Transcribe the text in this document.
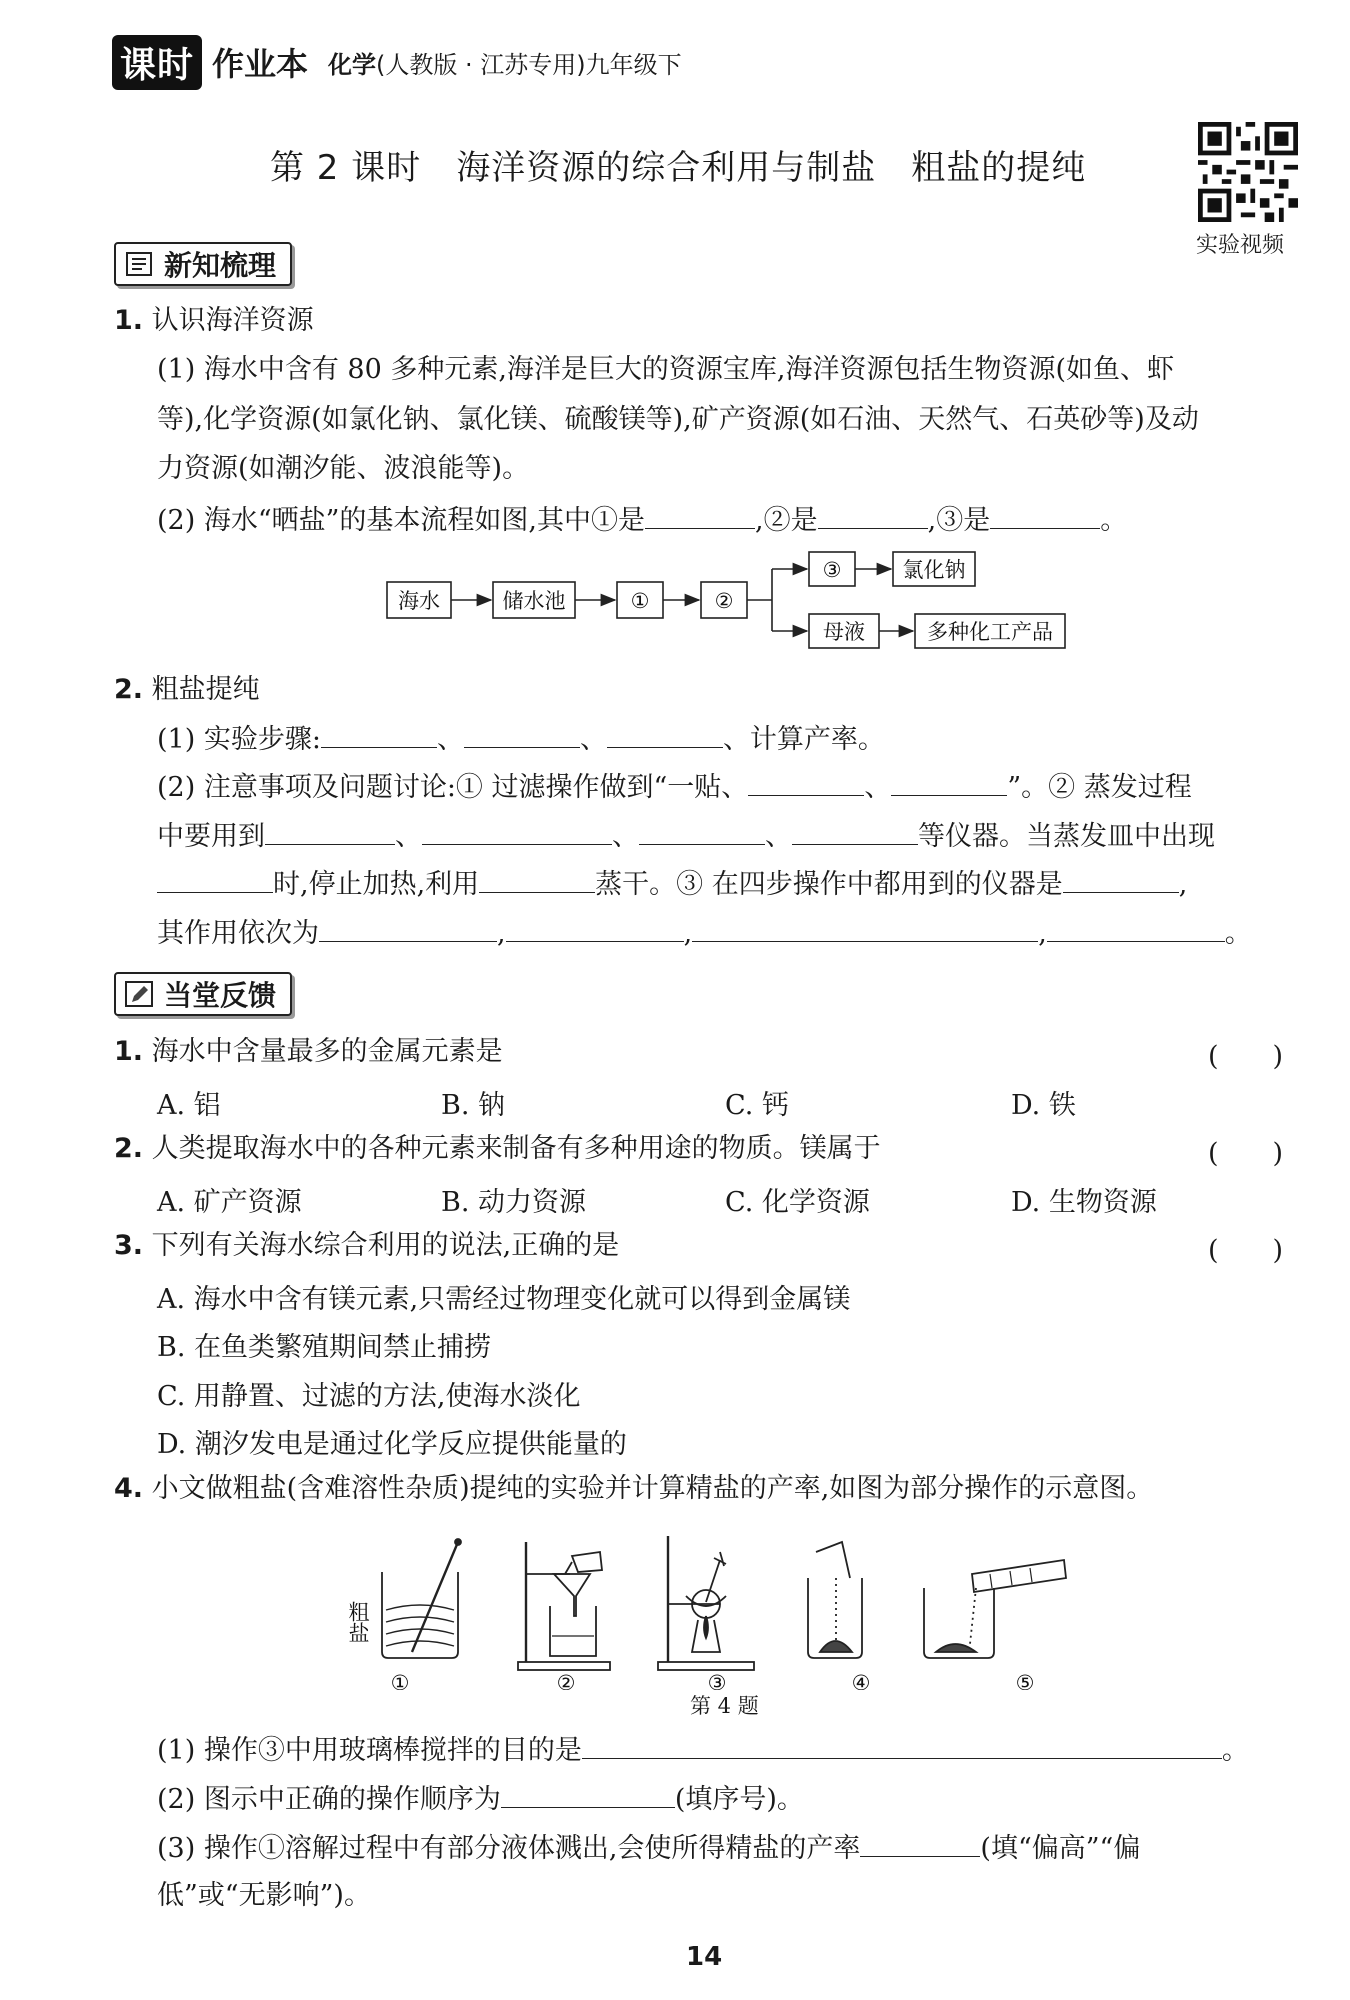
课时 作业本 化学(人教版 · 江苏专用)九年级下
第 2 课时　海洋资源的综合利用与制盐　粗盐的提纯
实验视频
新知梳理
1. 认识海洋资源
(1) 海水中含有 80 多种元素,海洋是巨大的资源宝库,海洋资源包括生物资源(如鱼、虾
等),化学资源(如氯化钠、氯化镁、硫酸镁等),矿产资源(如石油、天然气、石英砂等)及动
力资源(如潮汐能、波浪能等)。
(2) 海水“晒盐”的基本流程如图,其中①是	,②是	,③是	。
海水	储水池	①	②
③	氯化钠
母液	多种化工产品
2. 粗盐提纯
(1) 实验步骤:	、	、	、计算产率。
(2) 注意事项及问题讨论:① 过滤操作做到“一贴、	、	”。② 蒸发过程
中要用到	、	、	、	等仪器。当蒸发皿中出现
时,停止加热,利用	蒸干。③ 在四步操作中都用到的仪器是	,
其作用依次为	,	,	,	。
当堂反馈
1. 海水中含量最多的金属元素是	(　　)
A. 铝	B. 钠	C. 钙	D. 铁
2. 人类提取海水中的各种元素来制备有多种用途的物质。镁属于	(　　)
A. 矿产资源	B. 动力资源	C. 化学资源	D. 生物资源
3. 下列有关海水综合利用的说法,正确的是	(　　)
A. 海水中含有镁元素,只需经过物理变化就可以得到金属镁
B. 在鱼类繁殖期间禁止捕捞
C. 用静置、过滤的方法,使海水淡化
D. 潮汐发电是通过化学反应提供能量的
4. 小文做粗盐(含难溶性杂质)提纯的实验并计算精盐的产率,如图为部分操作的示意图。
粗盐
①	②	③	④	⑤
第 4 题
(1) 操作③中用玻璃棒搅拌的目的是	。
(2) 图示中正确的操作顺序为	(填序号)。
(3) 操作①溶解过程中有部分液体溅出,会使所得精盐的产率	(填“偏高”“偏
低”或“无影响”)。
14
